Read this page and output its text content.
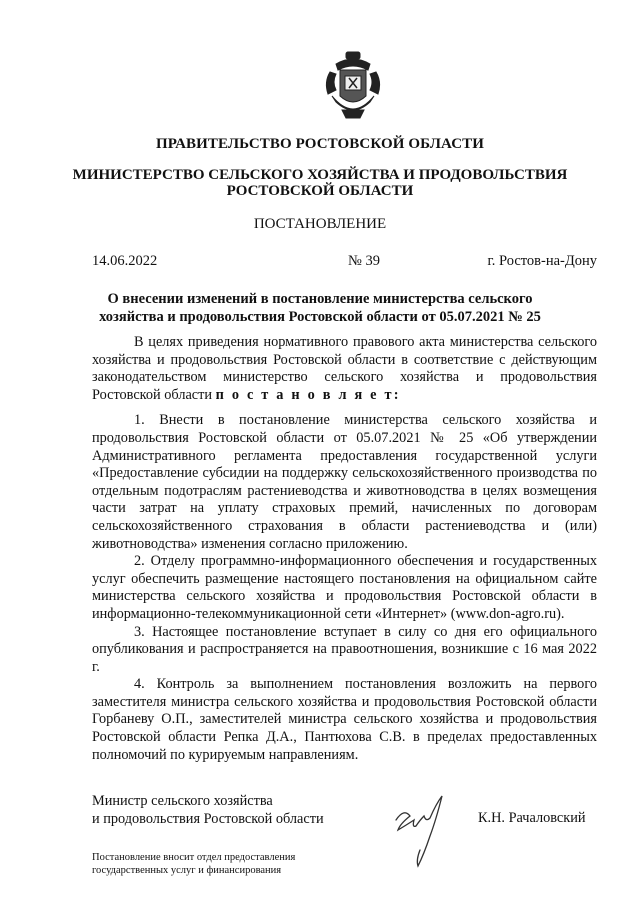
ПРАВИТЕЛЬСТВО РОСТОВСКОЙ ОБЛАСТИ
МИНИСТЕРСТВО СЕЛЬСКОГО ХОЗЯЙСТВА И ПРОДОВОЛЬСТВИЯ
РОСТОВСКОЙ ОБЛАСТИ
ПОСТАНОВЛЕНИЕ
14.06.2022	№ 39	г. Ростов-на-Дону
О внесении изменений в постановление министерства сельского
хозяйства и продовольствия Ростовской области от 05.07.2021 № 25

В целях приведения нормативного правового акта министерства сельского хозяйства и продовольствия Ростовской области в соответствие с действующим законодательством министерство сельского хозяйства и продовольствия Ростовской области п о с т а н о в л я е т:

1. Внести в постановление министерства сельского хозяйства и продовольствия Ростовской области от 05.07.2021 № 25 «Об утверждении Административного регламента предоставления государственной услуги «Предоставление субсидии на поддержку сельскохозяйственного производства по отдельным подотраслям растениеводства и животноводства в целях возмещения части затрат на уплату страховых премий, начисленных по договорам сельскохозяйственного страхования в области растениеводства и (или) животноводства» изменения согласно приложению.

2. Отделу программно-информационного обеспечения и государственных услуг обеспечить размещение настоящего постановления на официальном сайте министерства сельского хозяйства и продовольствия Ростовской области в информационно-телекоммуникационной сети «Интернет» (www.don-agro.ru).

3. Настоящее постановление вступает в силу со дня его официального опубликования и распространяется на правоотношения, возникшие с 16 мая 2022 г.

4. Контроль за выполнением постановления возложить на первого заместителя министра сельского хозяйства и продовольствия Ростовской области Горбаневу О.П., заместителей министра сельского хозяйства и продовольствия Ростовской области Репка Д.А., Пантюхова С.В. в пределах предоставленных полномочий по курируемым направлениям.

Министр сельского хозяйства
и продовольствия Ростовской области	К.Н. Рачаловский
Постановление вносит отдел предоставления
государственных услуг и финансирования
